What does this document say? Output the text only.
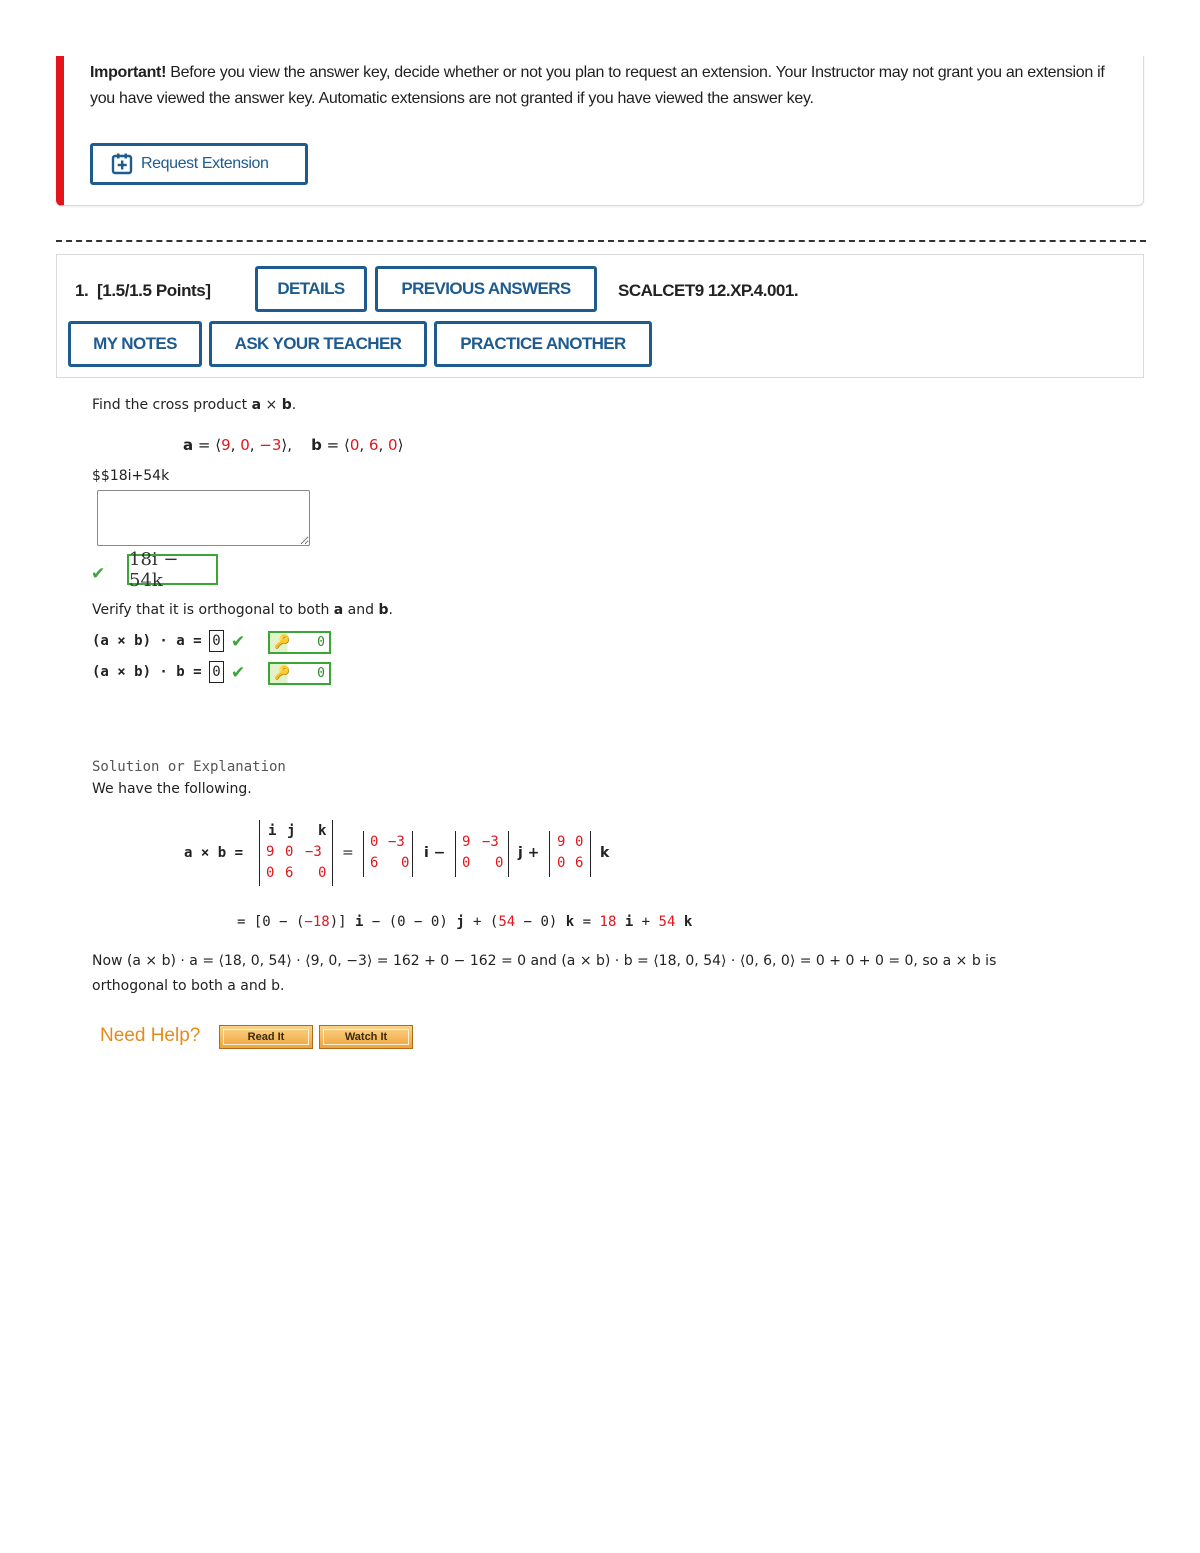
Important! Before you view the answer key, decide whether or not you plan to request an extension. Your Instructor may not grant you an extension if you have viewed the answer key. Automatic extensions are not granted if you have viewed the answer key.
Request Extension
1. [1.5/1.5 Points]	DETAILS	PREVIOUS ANSWERS	SCALCET9 12.XP.4.001.
MY NOTES	ASK YOUR TEACHER	PRACTICE ANOTHER
Find the cross product a × b.
a = ⟨9, 0, −3⟩,    b = ⟨0, 6, 0⟩
$$18i+54k
✔
18i − 54k
Verify that it is orthogonal to both a and b.
(a × b) · a = 0 ✔ 🔑 0
(a × b) · b = 0 ✔ 🔑 0
Solution or Explanation
We have the following.
a × b =
i j k
9 0 −3
0 6 0
=
0 −3
6 0
i −
9 −3
0 0
j +
9 0
0 6
k
= [0 − (−18)] i − (0 − 0) j + (54 − 0) k = 18 i + 54 k
Now (a × b) · a = ⟨18, 0, 54⟩ · ⟨9, 0, −3⟩ = 162 + 0 − 162 = 0 and (a × b) · b = ⟨18, 0, 54⟩ · ⟨0, 6, 0⟩ = 0 + 0 + 0 = 0, so a × b is
orthogonal to both a and b.
Need Help?	Read It	Watch It
